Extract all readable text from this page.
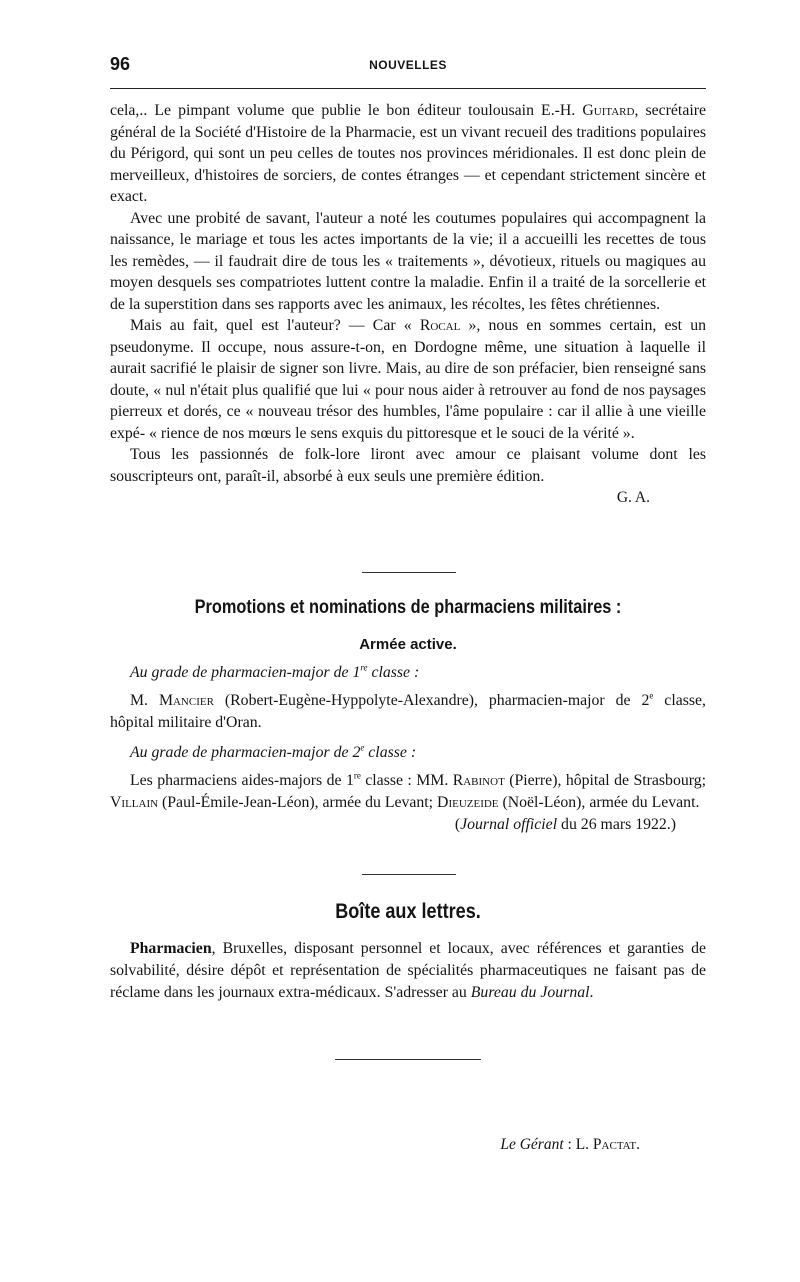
96	NOUVELLES

cela,.. Le pimpant volume que publie le bon éditeur toulousain E.-H. Guitard, secrétaire général de la Société d'Histoire de la Pharmacie, est un vivant recueil des traditions populaires du Périgord, qui sont un peu celles de toutes nos provinces méridionales. Il est donc plein de merveilleux, d'histoires de sorciers, de contes étranges — et cependant strictement sincère et exact.

Avec une probité de savant, l'auteur a noté les coutumes populaires qui accompagnent la naissance, le mariage et tous les actes importants de la vie; il a accueilli les recettes de tous les remèdes, — il faudrait dire de tous les « traitements », dévotieux, rituels ou magiques au moyen desquels ses compatriotes luttent contre la maladie. Enfin il a traité de la sorcellerie et de la superstition dans ses rapports avec les animaux, les récoltes, les fêtes chrétiennes.

Mais au fait, quel est l'auteur? — Car « Rocal », nous en sommes certain, est un pseudonyme. Il occupe, nous assure-t-on, en Dordogne même, une situation à laquelle il aurait sacrifié le plaisir de signer son livre. Mais, au dire de son préfacier, bien renseigné sans doute, « nul n'était plus qualifié que lui « pour nous aider à retrouver au fond de nos paysages pierreux et dorés, ce « nouveau trésor des humbles, l'âme populaire : car il allie à une vieille expé- « rience de nos mœurs le sens exquis du pittoresque et le souci de la vérité ».

Tous les passionnés de folk-lore liront avec amour ce plaisant volume dont les souscripteurs ont, paraît-il, absorbé à eux seuls une première édition.

G. A.

Promotions et nominations de pharmaciens militaires :
Armée active.

Au grade de pharmacien-major de 1re classe :

M. Mancier (Robert-Eugène-Hyppolyte-Alexandre), pharmacien-major de 2e classe, hôpital militaire d'Oran.

Au grade de pharmacien-major de 2e classe :

Les pharmaciens aides-majors de 1re classe : MM. Rabinot (Pierre), hôpital de Strasbourg; Villain (Paul-Émile-Jean-Léon), armée du Levant; Dieuzeide (Noël-Léon), armée du Levant.

(Journal officiel du 26 mars 1922.)

Boîte aux lettres.

Pharmacien, Bruxelles, disposant personnel et locaux, avec références et garanties de solvabilité, désire dépôt et représentation de spécialités pharmaceutiques ne faisant pas de réclame dans les journaux extra-médicaux. S'adresser au Bureau du Journal.

Le Gérant : L. Pactat.
